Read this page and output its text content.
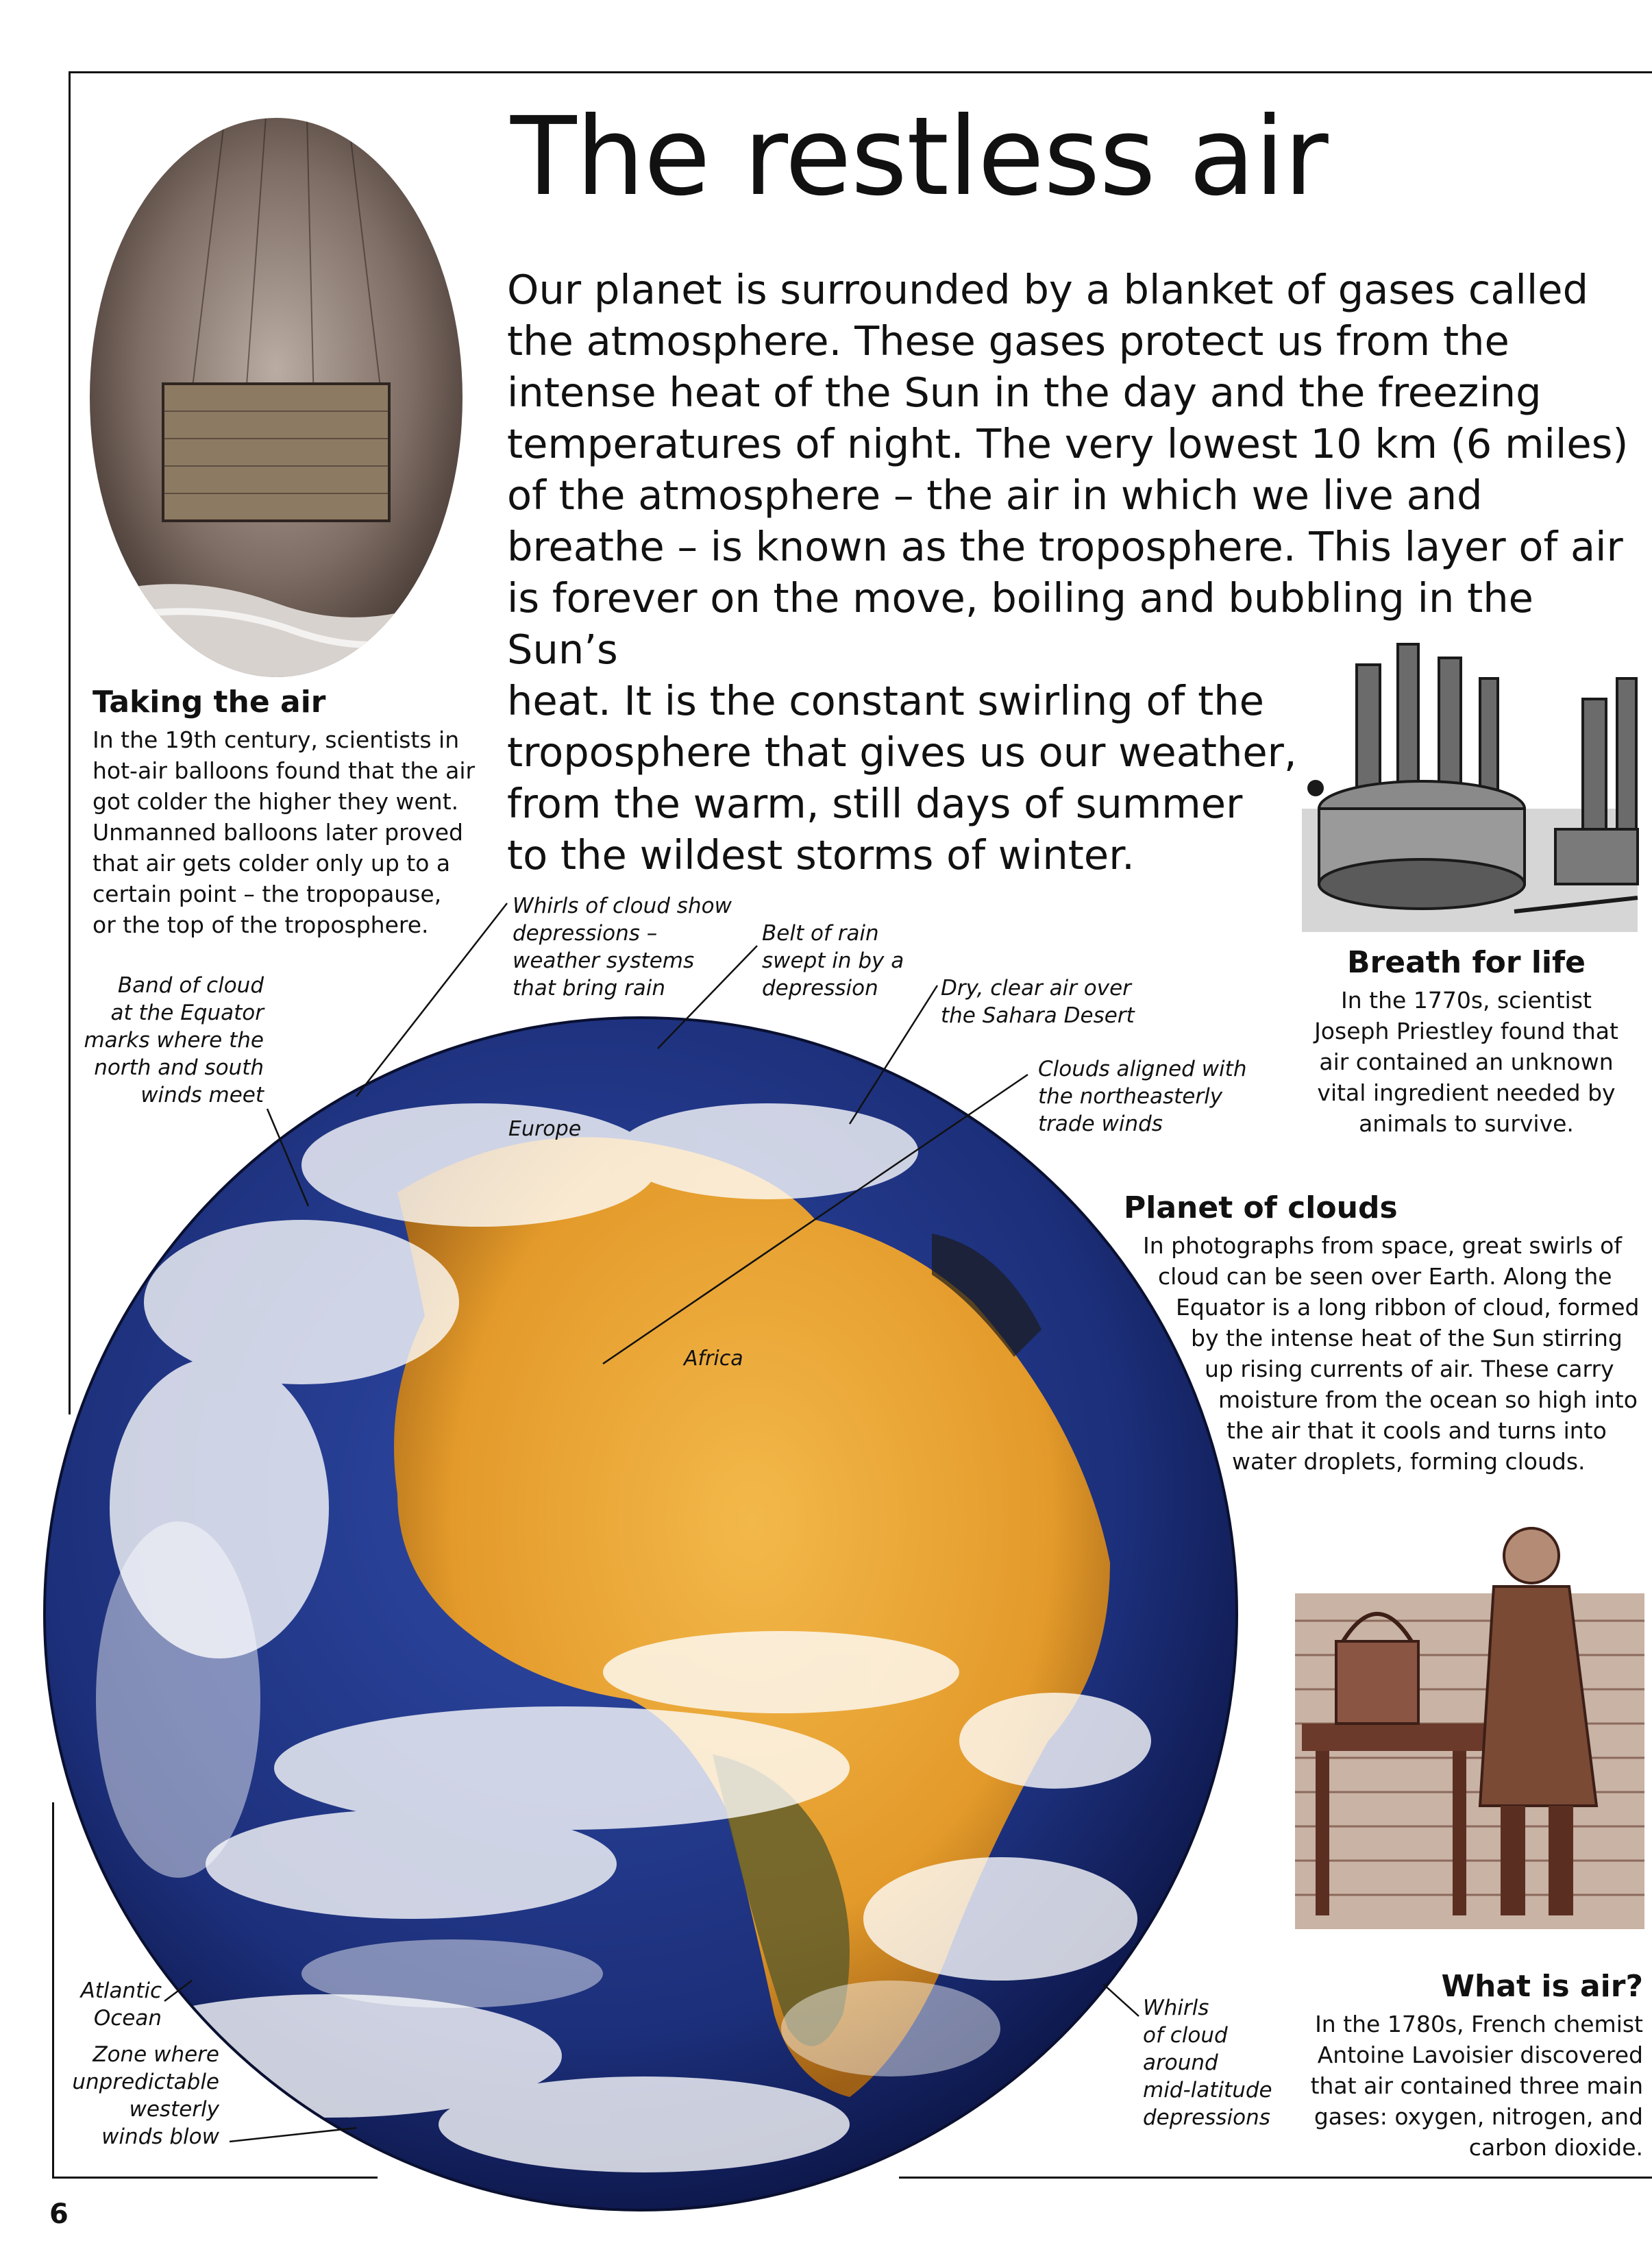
The restless air

Our planet is surrounded by a blanket of gases called
the atmosphere. These gases protect us from the
intense heat of the Sun in the day and the freezing
temperatures of night. The very lowest 10 km (6 miles)
of the atmosphere – the air in which we live and
breathe – is known as the troposphere. This layer of air
is forever on the move, boiling and bubbling in the Sun’s
heat. It is the constant swirling of the
troposphere that gives us our weather,
from the warm, still days of summer
to the wildest storms of winter.

Taking the air

In the 19th century, scientists in
hot-air balloons found that the air
got colder the higher they went.
Unmanned balloons later proved
that air gets colder only up to a
certain point – the tropopause,
or the top of the troposphere.

Breath for life

In the 1770s, scientist
Joseph Priestley found that
air contained an unknown
vital ingredient needed by
animals to survive.

Planet of clouds

In photographs from space, great swirls of
cloud can be seen over Earth. Along the
Equator is a long ribbon of cloud, formed
by the intense heat of the Sun stirring
up rising currents of air. These carry
moisture from the ocean so high into
the air that it cools and turns into
water droplets, forming clouds.

What is air?

In the 1780s, French chemist
Antoine Lavoisier discovered
that air contained three main
gases: oxygen, nitrogen, and
carbon dioxide.

Europe
Africa

Band of cloud
at the Equator
marks where the
north and south
winds meet

Whirls of cloud show
depressions –
weather systems
that bring rain

Belt of rain
swept in by a
depression	Dry, clear air over
the Sahara Desert

Clouds aligned with
the northeasterly
trade winds

Atlantic
Ocean

Zone where
unpredictable
westerly
winds blow

Whirls
of cloud
around
mid-latitude
depressions

6
